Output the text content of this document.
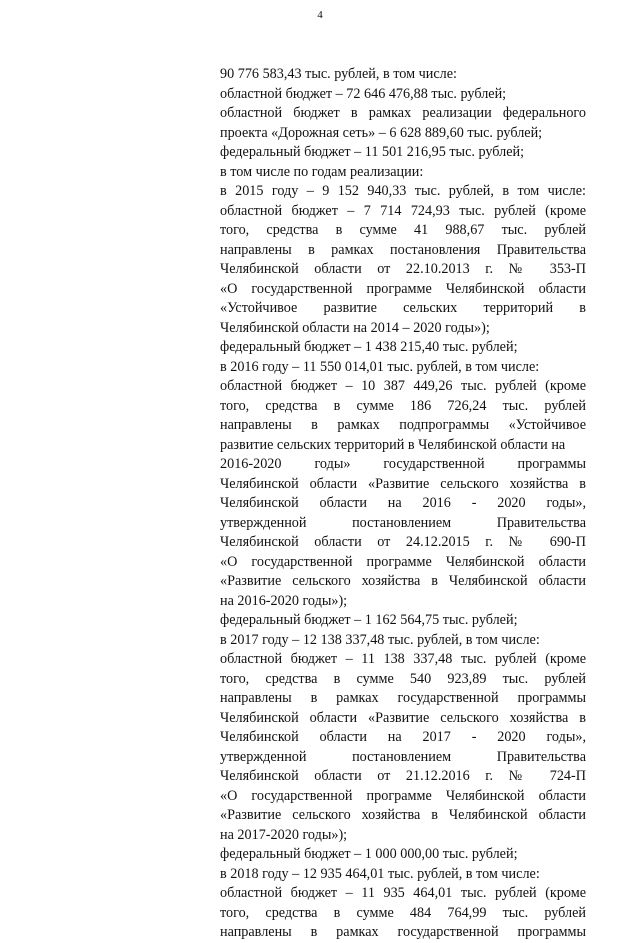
4
90 776 583,43 тыс. рублей, в том числе:
областной бюджет – 72 646 476,88 тыс. рублей;
областной бюджет в рамках реализации федерального
проекта «Дорожная сеть» – 6 628 889,60 тыс. рублей;
федеральный бюджет – 11 501 216,95 тыс. рублей;
в том числе по годам реализации:
в 2015 году – 9 152 940,33 тыс. рублей, в том числе:
областной бюджет – 7 714 724,93 тыс. рублей (кроме
того, средства в сумме 41 988,67 тыс. рублей
направлены в рамках постановления Правительства
Челябинской области от 22.10.2013 г. № 353-П
«О государственной программе Челябинской области
«Устойчивое развитие сельских территорий в
Челябинской области на 2014 – 2020 годы»);
федеральный бюджет – 1 438 215,40 тыс. рублей;
в 2016 году – 11 550 014,01 тыс. рублей, в том числе:
областной бюджет – 10 387 449,26 тыс. рублей (кроме
того, средства в сумме 186 726,24 тыс. рублей
направлены в рамках подпрограммы «Устойчивое
развитие сельских территорий в Челябинской области на
2016-2020 годы» государственной программы
Челябинской области «Развитие сельского хозяйства в
Челябинской области на 2016 - 2020 годы»,
утвержденной постановлением Правительства
Челябинской области от 24.12.2015 г. № 690-П
«О государственной программе Челябинской области
«Развитие сельского хозяйства в Челябинской области
на 2016-2020 годы»);
федеральный бюджет – 1 162 564,75 тыс. рублей;
в 2017 году – 12 138 337,48 тыс. рублей, в том числе:
областной бюджет – 11 138 337,48 тыс. рублей (кроме
того, средства в сумме 540 923,89 тыс. рублей
направлены в рамках государственной программы
Челябинской области «Развитие сельского хозяйства в
Челябинской области на 2017 - 2020 годы»,
утвержденной постановлением Правительства
Челябинской области от 21.12.2016 г. № 724-П
«О государственной программе Челябинской области
«Развитие сельского хозяйства в Челябинской области
на 2017-2020 годы»);
федеральный бюджет – 1 000 000,00 тыс. рублей;
в 2018 году – 12 935 464,01 тыс. рублей, в том числе:
областной бюджет – 11 935 464,01 тыс. рублей (кроме
того, средства в сумме 484 764,99 тыс. рублей
направлены в рамках государственной программы
